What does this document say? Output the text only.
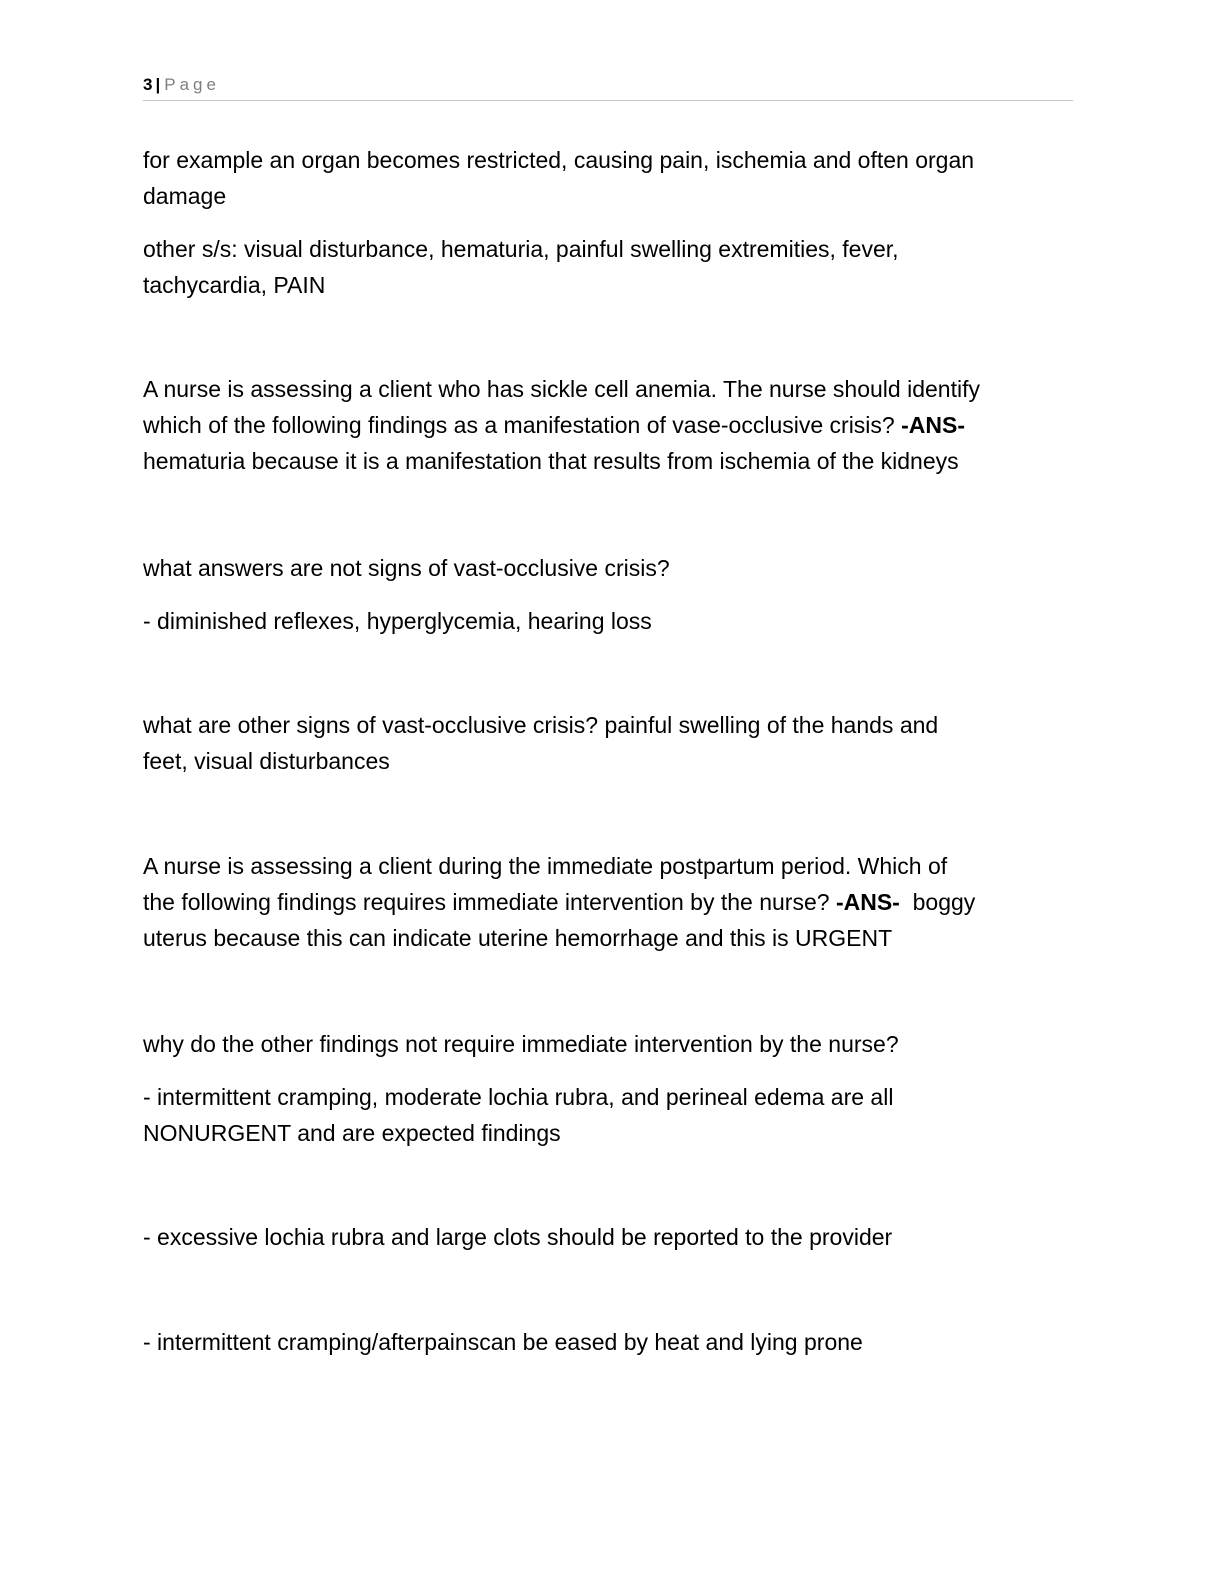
3 | Page

for example an organ becomes restricted, causing pain, ischemia and often organ
damage

other s/s: visual disturbance, hematuria, painful swelling extremities, fever,
tachycardia, PAIN

A nurse is assessing a client who has sickle cell anemia. The nurse should identify
which of the following findings as a manifestation of vase-occlusive crisis? -ANS-
hematuria because it is a manifestation that results from ischemia of the kidneys

what answers are not signs of vast-occlusive crisis?

- diminished reflexes, hyperglycemia, hearing loss

what are other signs of vast-occlusive crisis? painful swelling of the hands and
feet, visual disturbances

A nurse is assessing a client during the immediate postpartum period. Which of
the following findings requires immediate intervention by the nurse? -ANS-  boggy
uterus because this can indicate uterine hemorrhage and this is URGENT

why do the other findings not require immediate intervention by the nurse?

- intermittent cramping, moderate lochia rubra, and perineal edema are all
NONURGENT and are expected findings

- excessive lochia rubra and large clots should be reported to the provider

- intermittent cramping/afterpainscan be eased by heat and lying prone
